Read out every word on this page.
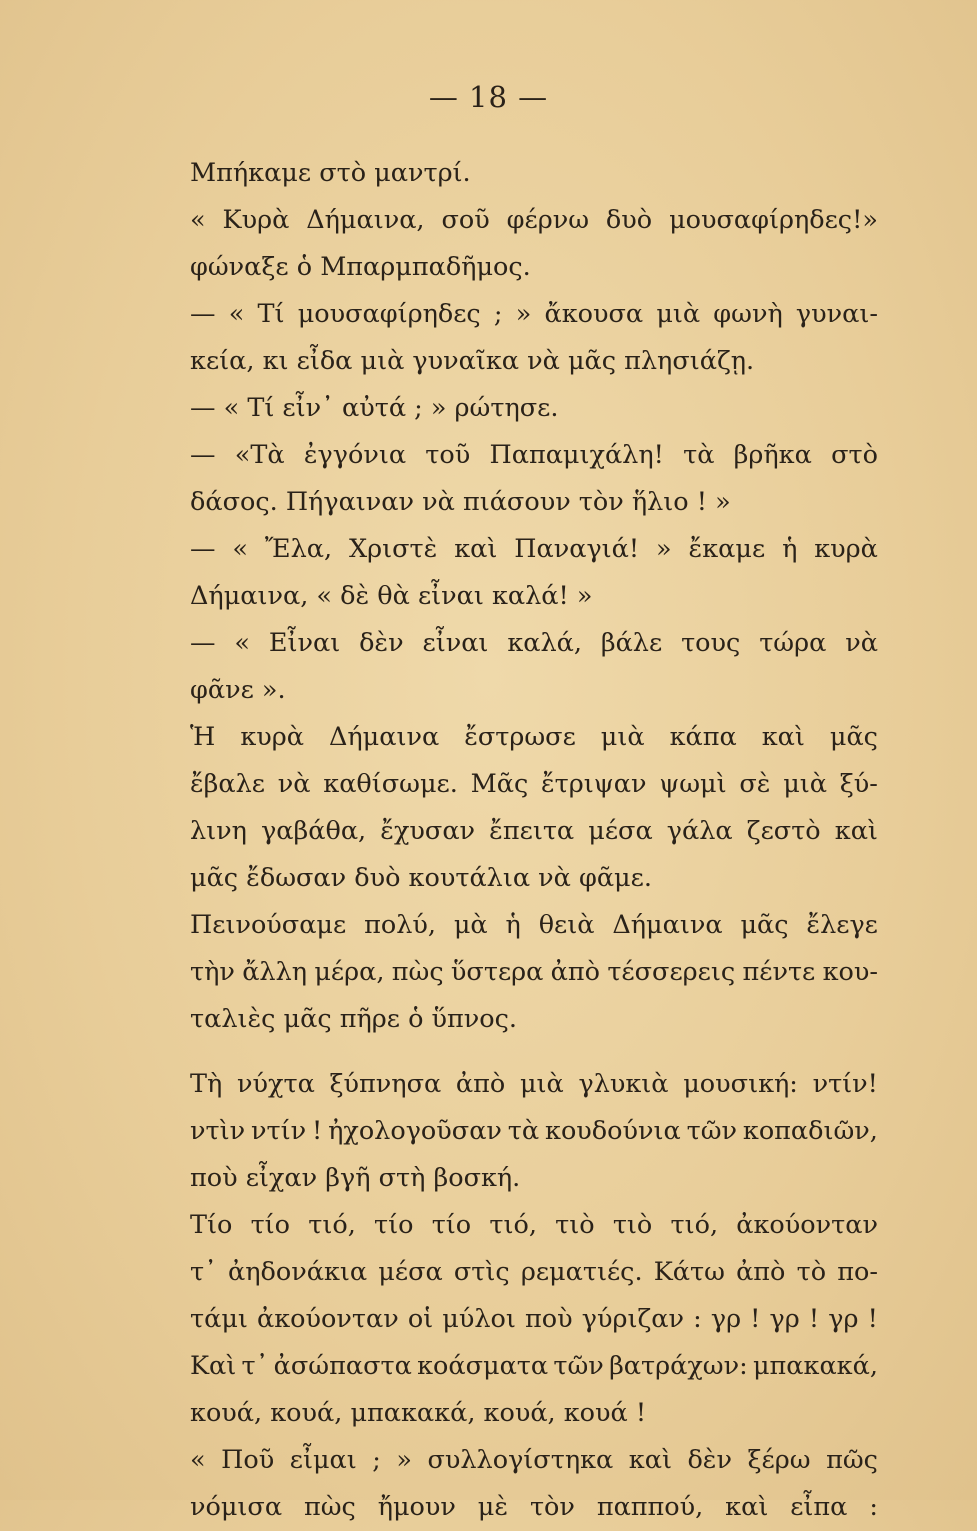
— 18 —
Μπήκαμε στὸ μαντρί.
« Κυρὰ Δήμαινα, σοῦ φέρνω δυὸ μουσαφίρηδες!»
φώναξε ὁ Μπαρμπαδῆμος.
— « Τί μουσαφίρηδες ; » ἄκουσα μιὰ φωνὴ γυναι-
κεία, κι εἶδα μιὰ γυναῖκα νὰ μᾶς πλησιάζῃ.
— « Τί εἶν᾽ αὐτά ; » ρώτησε.
— «Τὰ ἐγγόνια τοῦ Παπαμιχάλη! τὰ βρῆκα στὸ
δάσος. Πήγαιναν νὰ πιάσουν τὸν ἥλιο ! »
— « Ἔλα, Χριστὲ καὶ Παναγιά! » ἔκαμε ἡ κυρὰ
Δήμαινα, « δὲ θὰ εἶναι καλά! »
— « Εἶναι δὲν εἶναι καλά, βάλε τους τώρα νὰ
φᾶνε ».
Ἡ κυρὰ Δήμαινα ἔστρωσε μιὰ κάπα καὶ μᾶς
ἔβαλε νὰ καθίσωμε. Μᾶς ἔτριψαν ψωμὶ σὲ μιὰ ξύ-
λινη γαβάθα, ἔχυσαν ἔπειτα μέσα γάλα ζεστὸ καὶ
μᾶς ἔδωσαν δυὸ κουτάλια νὰ φᾶμε.
Πεινούσαμε πολύ, μὰ ἡ θειὰ Δήμαινα μᾶς ἔλεγε
τὴν ἄλλη μέρα, πὼς ὕστερα ἀπὸ τέσσερεις πέντε κου-
ταλιὲς μᾶς πῆρε ὁ ὕπνος.
Τὴ νύχτα ξύπνησα ἀπὸ μιὰ γλυκιὰ μουσική: ντίν!
ντὶν ντίν ! ἠχολογοῦσαν τὰ κουδούνια τῶν κοπαδιῶν,
ποὺ εἶχαν βγῆ στὴ βοσκή.
Τίο τίο τιό, τίο τίο τιό, τιὸ τιὸ τιό, ἀκούονταν
τ᾽ ἀηδονάκια μέσα στὶς ρεματιές. Κάτω ἀπὸ τὸ πο-
τάμι ἀκούονταν οἱ μύλοι ποὺ γύριζαν : γρ ! γρ ! γρ !
Καὶ τ᾽ ἀσώπαστα κοάσματα τῶν βατράχων: μπακακά,
κουά, κουά, μπακακά, κουά, κουά !
« Ποῦ εἶμαι ; » συλλογίστηκα καὶ δὲν ξέρω πῶς
νόμισα πὼς ἤμουν μὲ τὸν παππού, καὶ εἶπα :
